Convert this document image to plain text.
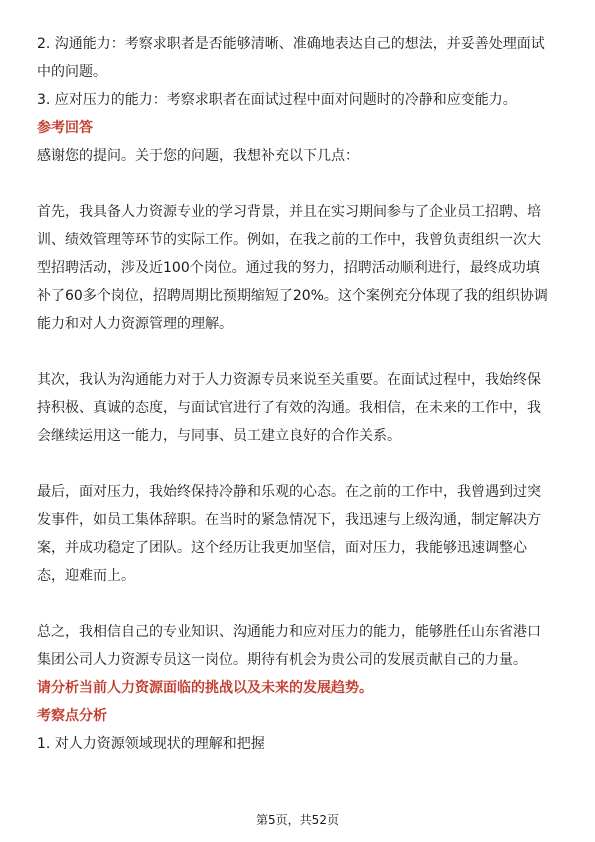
2. 沟通能力：考察求职者是否能够清晰、准确地表达自己的想法，并妥善处理面试
中的问题。
3. 应对压力的能力：考察求职者在面试过程中面对问题时的冷静和应变能力。
参考回答
感谢您的提问。关于您的问题，我想补充以下几点：
首先，我具备人力资源专业的学习背景，并且在实习期间参与了企业员工招聘、培
训、绩效管理等环节的实际工作。例如，在我之前的工作中，我曾负责组织一次大
型招聘活动，涉及近100个岗位。通过我的努力，招聘活动顺利进行，最终成功填
补了60多个岗位，招聘周期比预期缩短了20%。这个案例充分体现了我的组织协调
能力和对人力资源管理的理解。
其次，我认为沟通能力对于人力资源专员来说至关重要。在面试过程中，我始终保
持积极、真诚的态度，与面试官进行了有效的沟通。我相信，在未来的工作中，我
会继续运用这一能力，与同事、员工建立良好的合作关系。
最后，面对压力，我始终保持冷静和乐观的心态。在之前的工作中，我曾遇到过突
发事件，如员工集体辞职。在当时的紧急情况下，我迅速与上级沟通，制定解决方
案，并成功稳定了团队。这个经历让我更加坚信，面对压力，我能够迅速调整心
态，迎难而上。
总之，我相信自己的专业知识、沟通能力和应对压力的能力，能够胜任山东省港口
集团公司人力资源专员这一岗位。期待有机会为贵公司的发展贡献自己的力量。
请分析当前人力资源面临的挑战以及未来的发展趋势。
考察点分析
1. 对人力资源领域现状的理解和把握
第5页，共52页
